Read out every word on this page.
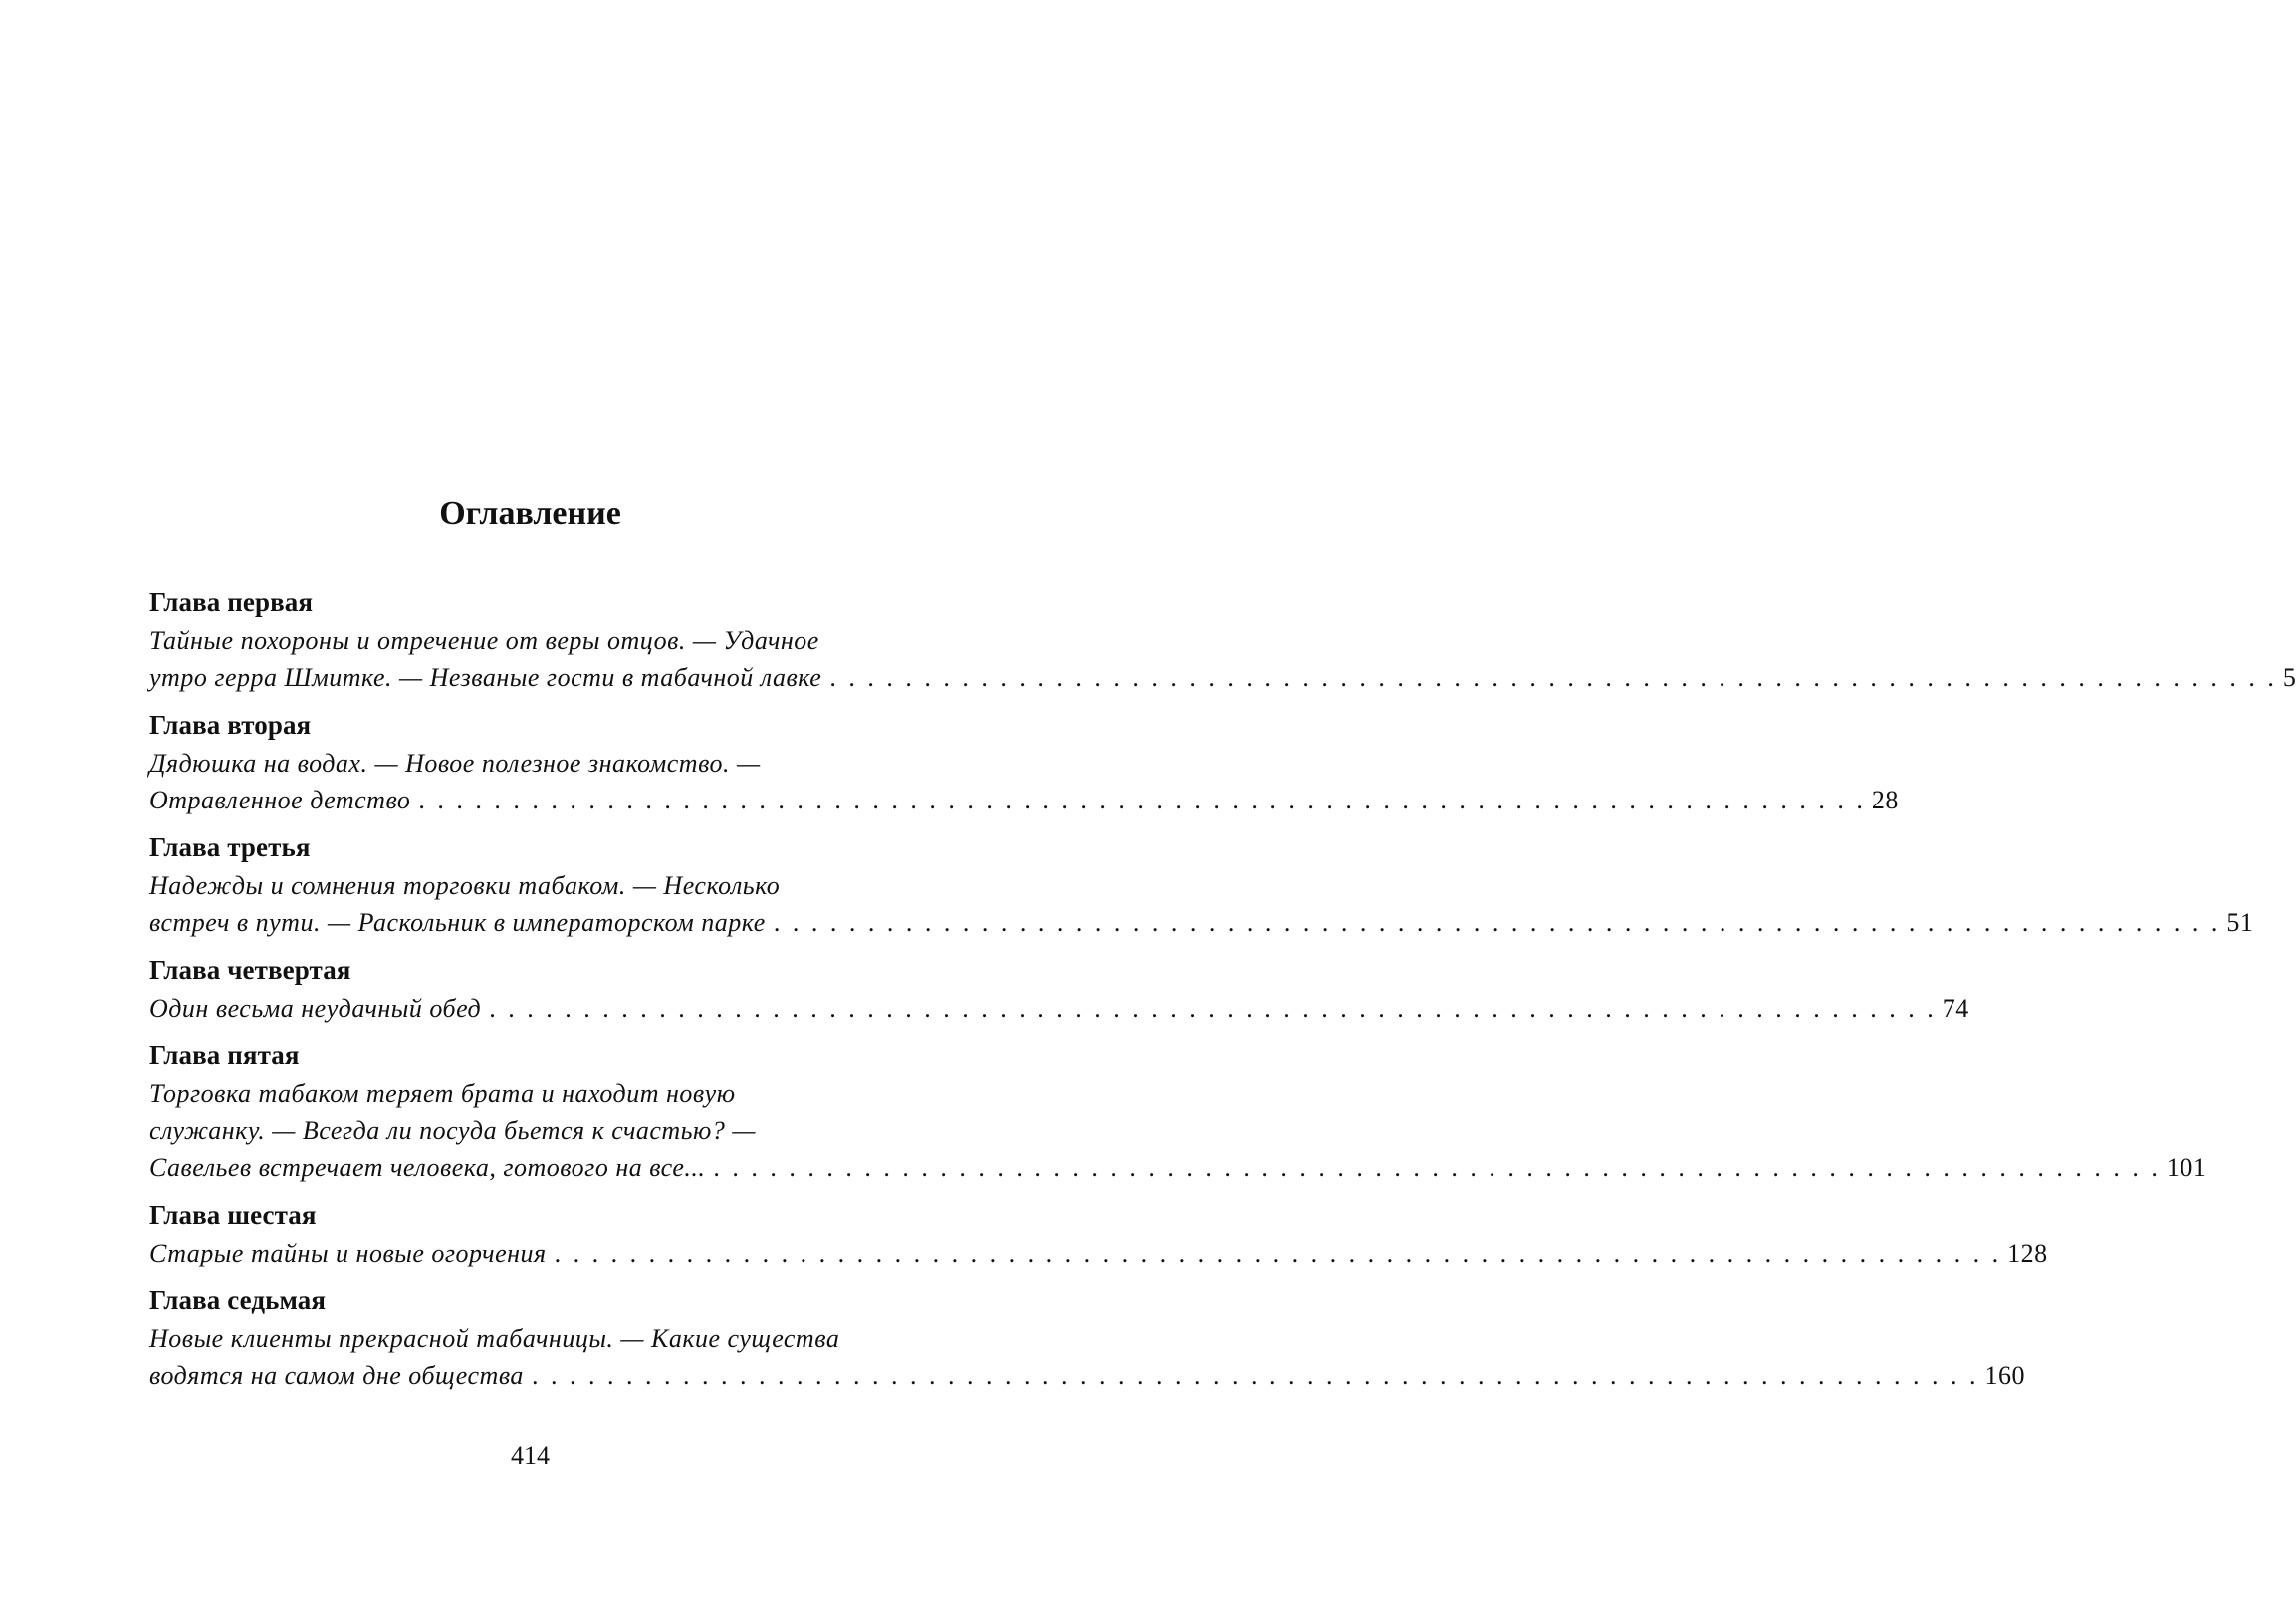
Оглавление
Глава первая
Тайные похороны и отречение от веры отцов. — Удачное
утро герра Шмитке. — Незваные гости в табачной лавке . . . . . . . . . . . . . . . . . . . . . . . . . . . . . . . . . . . . . . . . . . . . . . . . . . . . . . . . . . . . . . . . . . . . . . . . . . . . . 5
Глава вторая
Дядюшка на водах. — Новое полезное знакомство. —
Отравленное детство . . . . . . . . . . . . . . . . . . . . . . . . . . . . . . . . . . . . . . . . . . . . . . . . . . . . . . . . . . . . . . . . . . . . . . . . . . . . . 28
Глава третья
Надежды и сомнения торговки табаком. — Несколько
встреч в пути. — Раскольник в императорском парке . . . . . . . . . . . . . . . . . . . . . . . . . . . . . . . . . . . . . . . . . . . . . . . . . . . . . . . . . . . . . . . . . . . . . . . . . . . . . 51
Глава четвертая
Один весьма неудачный обед . . . . . . . . . . . . . . . . . . . . . . . . . . . . . . . . . . . . . . . . . . . . . . . . . . . . . . . . . . . . . . . . . . . . . . . . . . . . . 74
Глава пятая
Торговка табаком теряет брата и находит новую
служанку. — Всегда ли посуда бьется к счастью? —
Савельев встречает человека, готового на все... . . . . . . . . . . . . . . . . . . . . . . . . . . . . . . . . . . . . . . . . . . . . . . . . . . . . . . . . . . . . . . . . . . . . . . . . . . . . . 101
Глава шестая
Старые тайны и новые огорчения . . . . . . . . . . . . . . . . . . . . . . . . . . . . . . . . . . . . . . . . . . . . . . . . . . . . . . . . . . . . . . . . . . . . . . . . . . . . . 128
Глава седьмая
Новые клиенты прекрасной табачницы. — Какие существа
водятся на самом дне общества . . . . . . . . . . . . . . . . . . . . . . . . . . . . . . . . . . . . . . . . . . . . . . . . . . . . . . . . . . . . . . . . . . . . . . . . . . . . . 160
414
